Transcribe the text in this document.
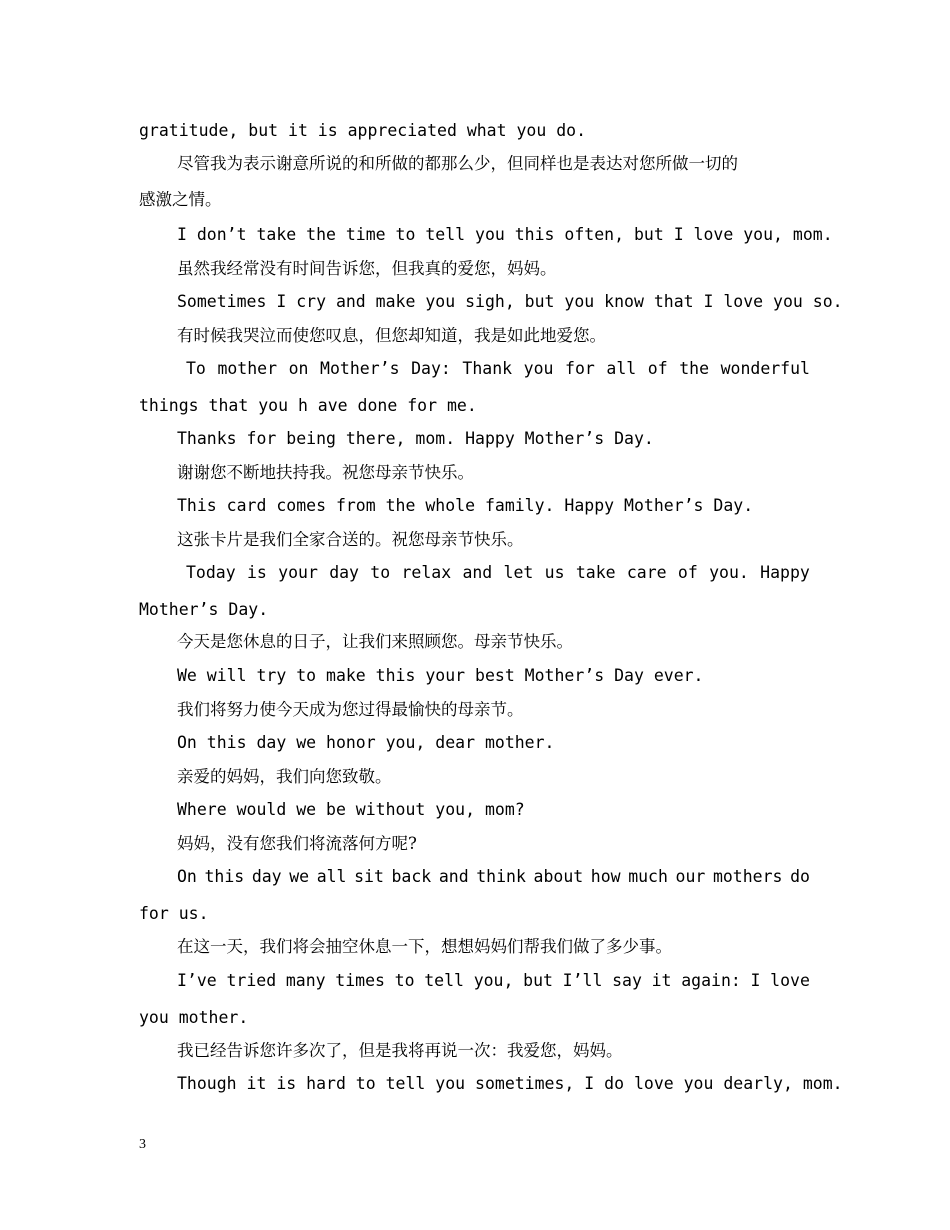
gratitude, but it is appreciated what you do.
尽管我为表示谢意所说的和所做的都那么少，但同样也是表达对您所做一切的
感激之情。
I don’t take the time to tell you this often, but I love you, mom.
虽然我经常没有时间告诉您，但我真的爱您，妈妈。
Sometimes I cry and make you sigh, but you know that I love you so.
有时候我哭泣而使您叹息，但您却知道，我是如此地爱您。
To mother on Mother’s Day: Thank you for all of the wonderful
things that you h ave done for me.
Thanks for being there, mom. Happy Mother’s Day.
谢谢您不断地扶持我。祝您母亲节快乐。
This card comes from the whole family. Happy Mother’s Day.
这张卡片是我们全家合送的。祝您母亲节快乐。
Today is your day to relax and let us take care of you. Happy
Mother’s Day.
今天是您休息的日子，让我们来照顾您。母亲节快乐。
We will try to make this your best Mother’s Day ever.
我们将努力使今天成为您过得最愉快的母亲节。
On this day we honor you, dear mother.
亲爱的妈妈，我们向您致敬。
Where would we be without you, mom?
妈妈，没有您我们将流落何方呢?
On this day we all sit back and think about how much our mothers do
for us.
在这一天，我们将会抽空休息一下，想想妈妈们帮我们做了多少事。
I’ve tried many times to tell you, but I’ll say it again: I love
you mother.
我已经告诉您许多次了，但是我将再说一次：我爱您，妈妈。
Though it is hard to tell you sometimes, I do love you dearly, mom.
3
